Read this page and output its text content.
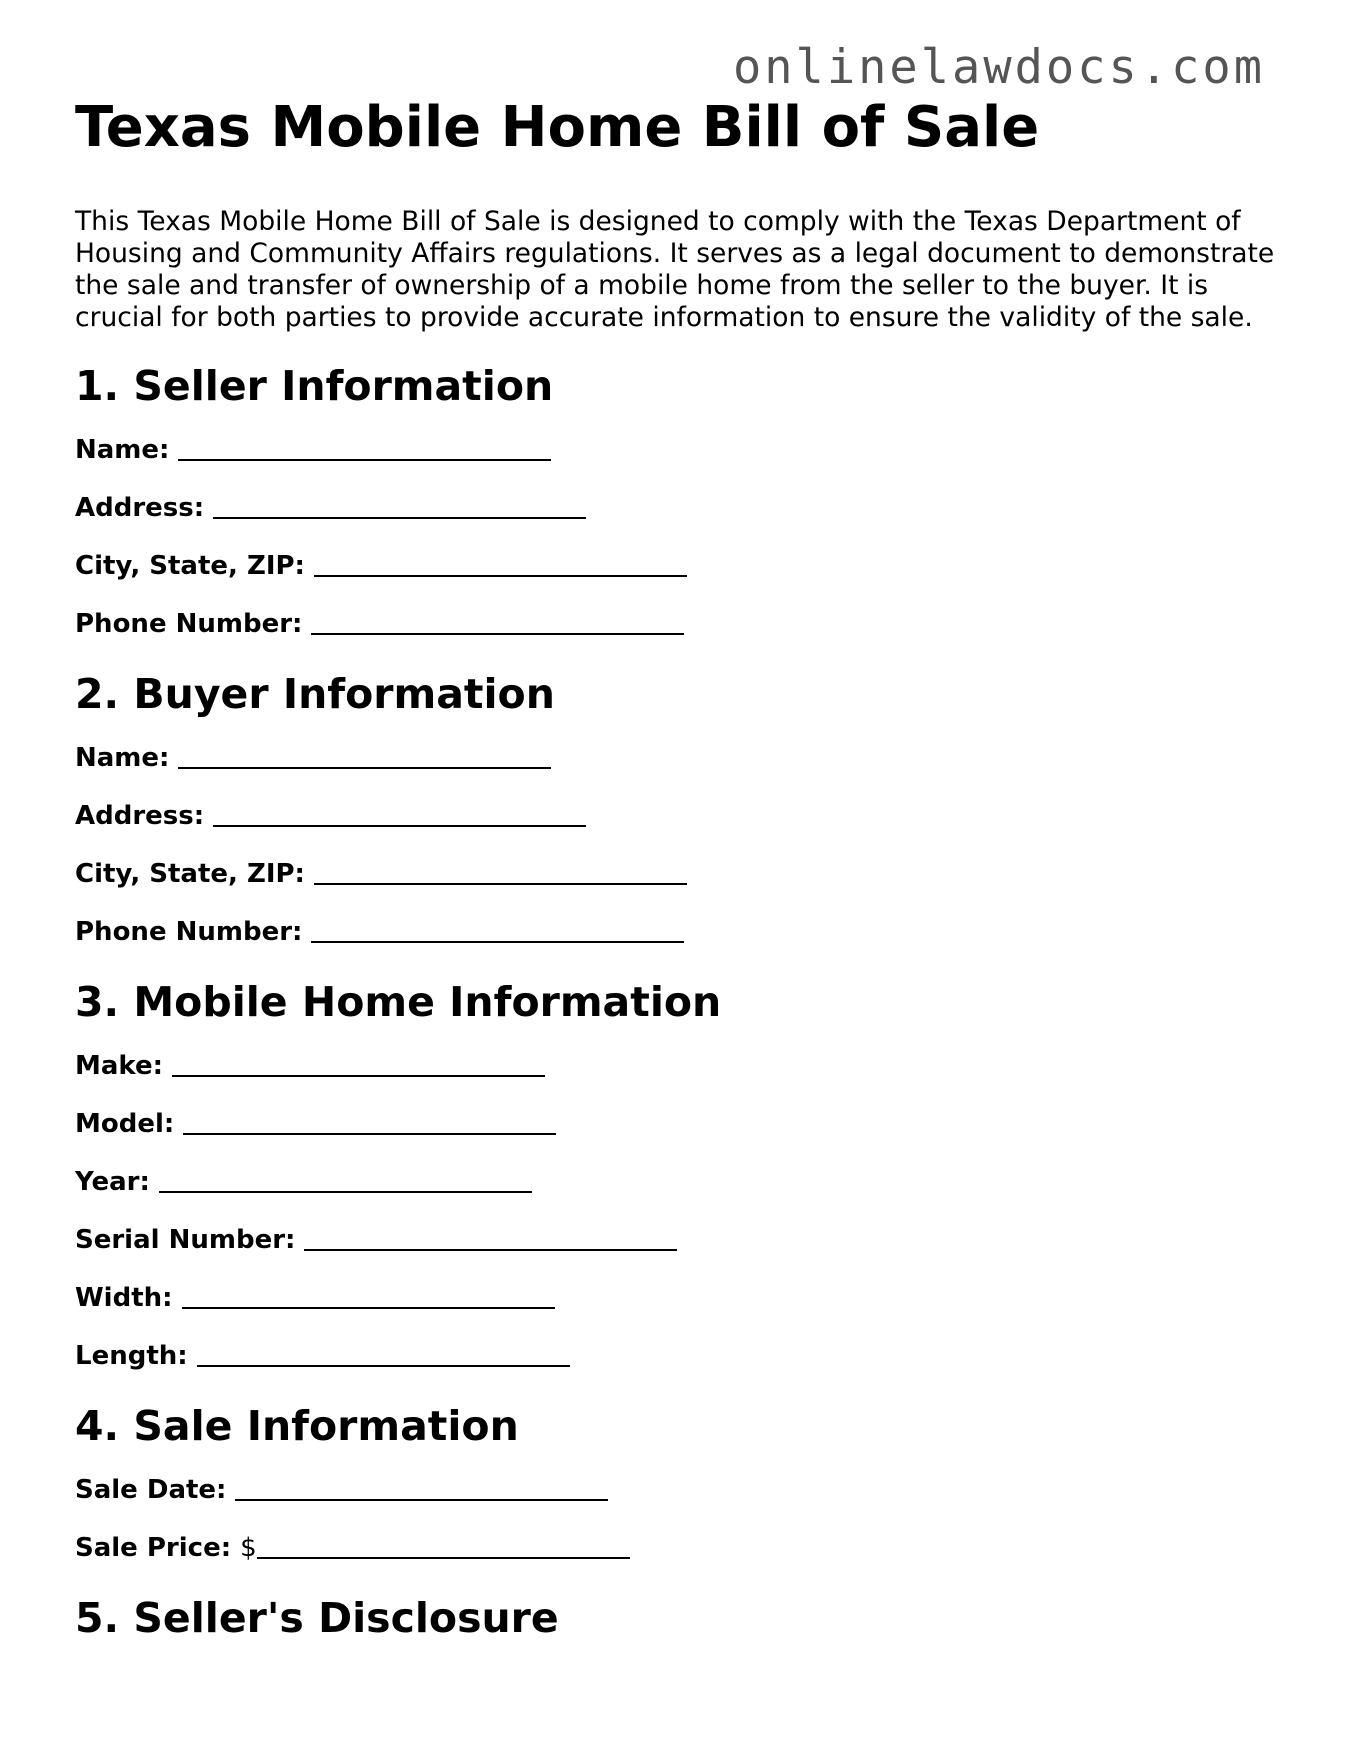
onlinelawdocs.com
Texas Mobile Home Bill of Sale

This Texas Mobile Home Bill of Sale is designed to comply with the Texas Department of Housing and Community Affairs regulations. It serves as a legal document to demonstrate the sale and transfer of ownership of a mobile home from the seller to the buyer. It is crucial for both parties to provide accurate information to ensure the validity of the sale.

1. Seller Information
Name:
Address:
City, State, ZIP:
Phone Number:
2. Buyer Information
Name:
Address:
City, State, ZIP:
Phone Number:
3. Mobile Home Information
Make:
Model:
Year:
Serial Number:
Width:
Length:
4. Sale Information
Sale Date:
Sale Price: $
5. Seller's Disclosure
